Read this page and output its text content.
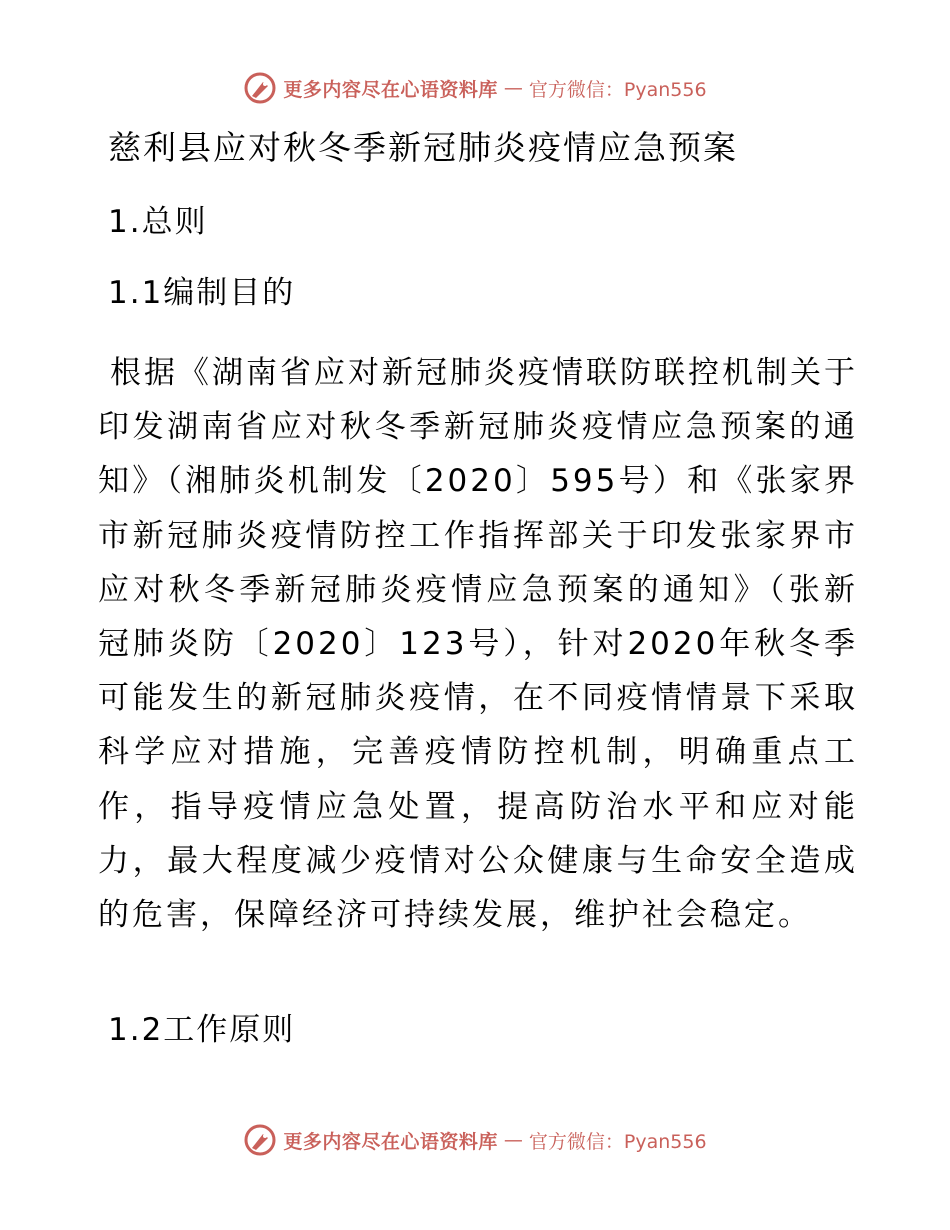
更多内容尽在心语资料库 — 官方微信：Pyan556
慈利县应对秋冬季新冠肺炎疫情应急预案
1.总则
1.1编制目的

根据《湖南省应对新冠肺炎疫情联防联控机制关于印发湖南省应对秋冬季新冠肺炎疫情应急预案的通知》（湘肺炎机制发〔2020〕595号）和《张家界市新冠肺炎疫情防控工作指挥部关于印发张家界市应对秋冬季新冠肺炎疫情应急预案的通知》（张新冠肺炎防〔2020〕123号），针对2020年秋冬季可能发生的新冠肺炎疫情，在不同疫情情景下采取科学应对措施，完善疫情防控机制，明确重点工作，指导疫情应急处置，提高防治水平和应对能力，最大程度减少疫情对公众健康与生命安全造成的危害，保障经济可持续发展，维护社会稳定。

1.2工作原则
更多内容尽在心语资料库 — 官方微信：Pyan556
